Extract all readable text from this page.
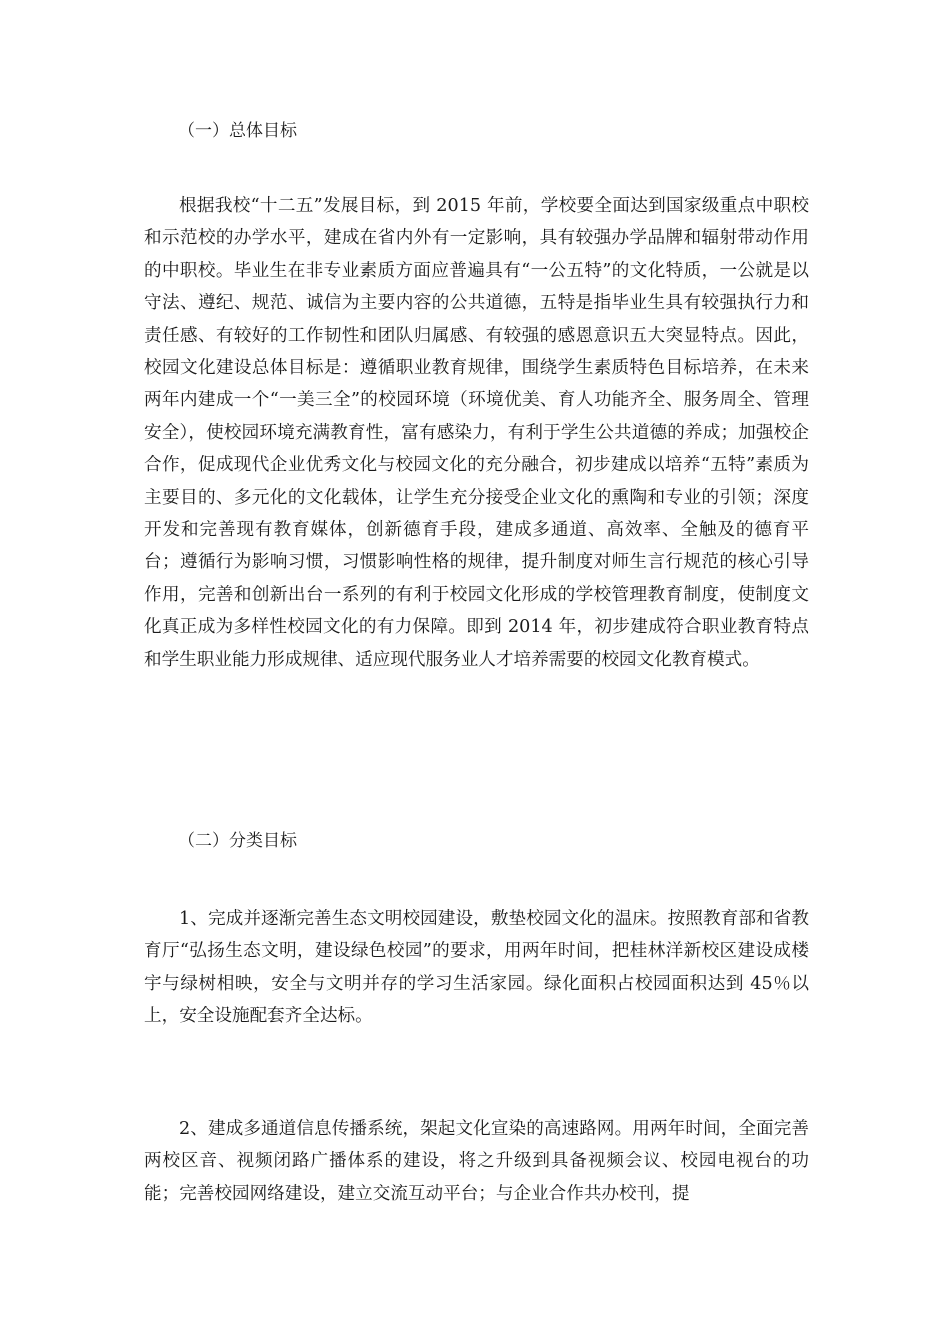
（一）总体目标
根据我校“十二五”发展目标，到 2015 年前，学校要全面达到国家级重点中职校和示范校的办学水平，建成在省内外有一定影响，具有较强办学品牌和辐射带动作用的中职校。毕业生在非专业素质方面应普遍具有“一公五特”的文化特质，一公就是以守法、遵纪、规范、诚信为主要内容的公共道德，五特是指毕业生具有较强执行力和责任感、有较好的工作韧性和团队归属感、有较强的感恩意识五大突显特点。因此，校园文化建设总体目标是：遵循职业教育规律，围绕学生素质特色目标培养，在未来两年内建成一个“一美三全”的校园环境（环境优美、育人功能齐全、服务周全、管理安全），使校园环境充满教育性，富有感染力，有利于学生公共道德的养成；加强校企合作，促成现代企业优秀文化与校园文化的充分融合，初步建成以培养“五特”素质为主要目的、多元化的文化载体，让学生充分接受企业文化的熏陶和专业的引领；深度开发和完善现有教育媒体，创新德育手段，建成多通道、高效率、全触及的德育平台；遵循行为影响习惯，习惯影响性格的规律，提升制度对师生言行规范的核心引导作用，完善和创新出台一系列的有利于校园文化形成的学校管理教育制度，使制度文化真正成为多样性校园文化的有力保障。即到 2014 年，初步建成符合职业教育特点和学生职业能力形成规律、适应现代服务业人才培养需要的校园文化教育模式。
（二）分类目标
1、完成并逐渐完善生态文明校园建设，敷垫校园文化的温床。按照教育部和省教育厅“弘扬生态文明，建设绿色校园”的要求，用两年时间，把桂林洋新校区建设成楼宇与绿树相映，安全与文明并存的学习生活家园。绿化面积占校园面积达到 45％以上，安全设施配套齐全达标。
2、建成多通道信息传播系统，架起文化宣染的高速路网。用两年时间，全面完善两校区音、视频闭路广播体系的建设，将之升级到具备视频会议、校园电视台的功能；完善校园网络建设，建立交流互动平台；与企业合作共办校刊，提
